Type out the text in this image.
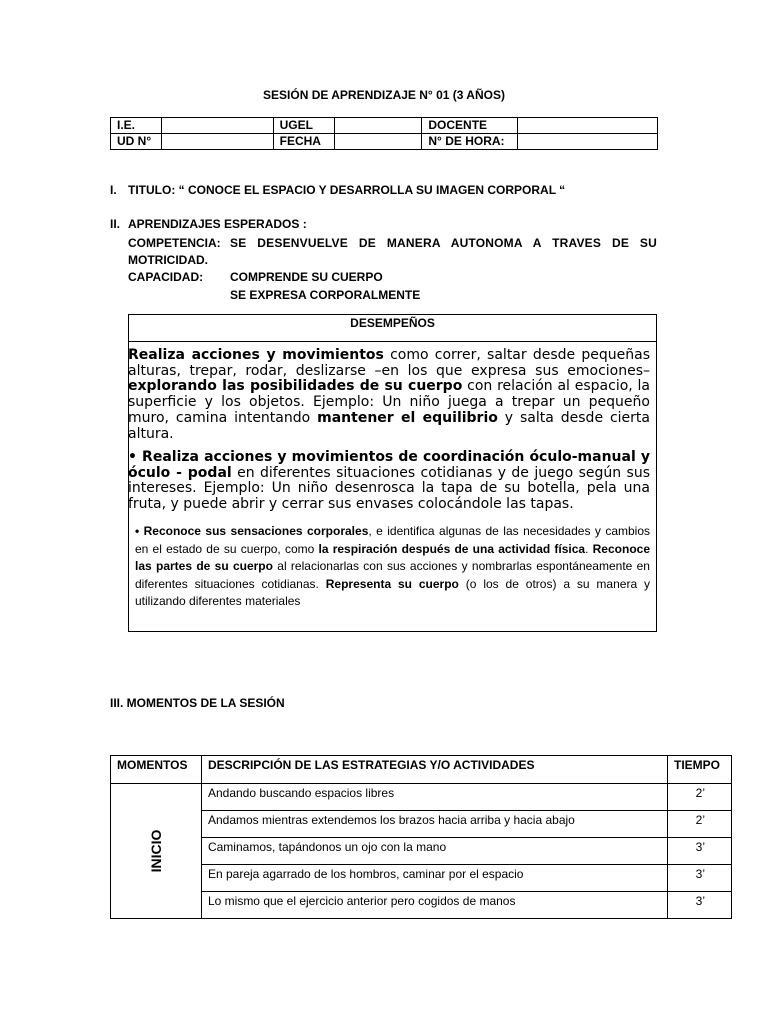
SESIÓN DE APRENDIZAJE N° 01 (3 AÑOS)
I.E.		UGEL		DOCENTE	
UD N°		FECHA		N° DE HORA:	
I. TITULO: “ CONOCE EL ESPACIO Y DESARROLLA SU IMAGEN CORPORAL “
II. APRENDIZAJES ESPERADOS :
COMPETENCIA: SE DESENVUELVE DE MANERA AUTONOMA A TRAVES DE SU
MOTRICIDAD.
CAPACIDAD: COMPRENDE SU CUERPO
SE EXPRESA CORPORALMENTE
DESEMPEÑOS
Realiza acciones y movimientos como correr, saltar desde pequeñas alturas, trepar, rodar, deslizarse –en los que expresa sus emociones– explorando las posibilidades de su cuerpo con relación al espacio, la superficie y los objetos. Ejemplo: Un niño juega a trepar un pequeño muro, camina intentando mantener el equilibrio y salta desde cierta altura.
• Realiza acciones y movimientos de coordinación óculo-manual y óculo - podal en diferentes situaciones cotidianas y de juego según sus intereses. Ejemplo: Un niño desenrosca la tapa de su botella, pela una fruta, y puede abrir y cerrar sus envases colocándole las tapas.
• Reconoce sus sensaciones corporales, e identifica algunas de las necesidades y cambios en el estado de su cuerpo, como la respiración después de una actividad física. Reconoce las partes de su cuerpo al relacionarlas con sus acciones y nombrarlas espontáneamente en diferentes situaciones cotidianas. Representa su cuerpo (o los de otros) a su manera y utilizando diferentes materiales
III. MOMENTOS DE LA SESIÓN
MOMENTOS	DESCRIPCIÓN DE LAS ESTRATEGIAS Y/O ACTIVIDADES	TIEMPO

INICIO	Andando buscando espacios libres	2’
	Andamos mientras extendemos los brazos hacia arriba y hacia abajo	2’
	Caminamos, tapándonos un ojo con la mano	3’
	En pareja agarrado de los hombros, caminar por el espacio	3’
	Lo mismo que el ejercicio anterior pero cogidos de manos	3’
